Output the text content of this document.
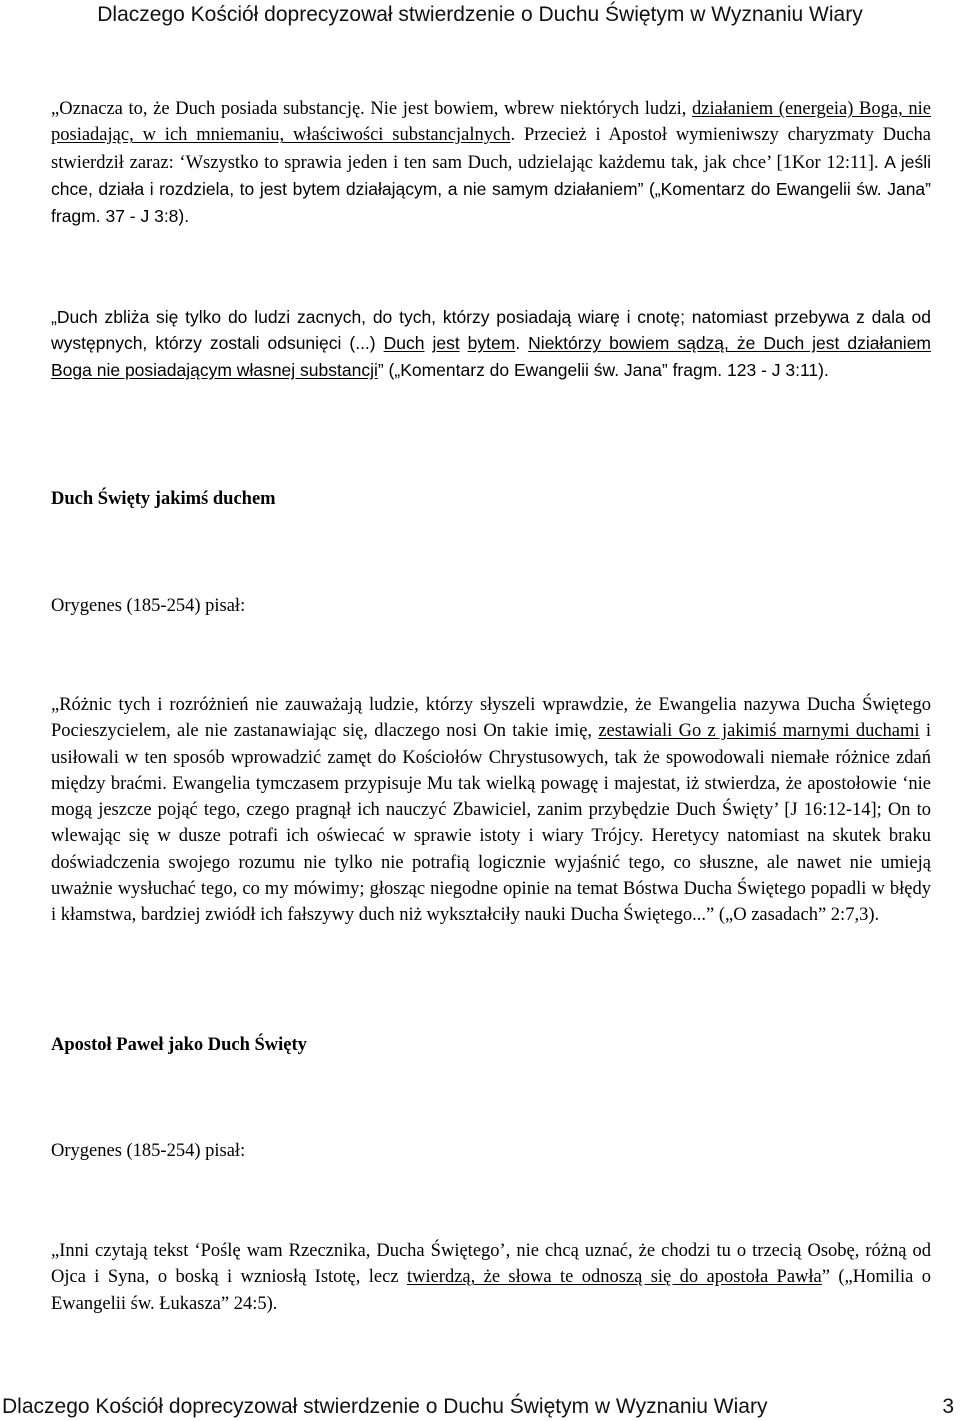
Dlaczego Kościół doprecyzował stwierdzenie o Duchu Świętym w Wyznaniu Wiary

„Oznacza to, że Duch posiada substancję. Nie jest bowiem, wbrew niektórych ludzi, działaniem (energeia) Boga, nie posiadając, w ich mniemaniu, właściwości substancjalnych. Przecież i Apostoł wymieniwszy charyzmaty Ducha stwierdził zaraz: ‘Wszystko to sprawia jeden i ten sam Duch, udzielając każdemu tak, jak chce’ [1Kor 12:11]. A jeśli chce, działa i rozdziela, to jest bytem działającym, a nie samym działaniem” („Komentarz do Ewangelii św. Jana” fragm. 37 - J 3:8).

„Duch zbliża się tylko do ludzi zacnych, do tych, którzy posiadają wiarę i cnotę; natomiast przebywa z dala od występnych, którzy zostali odsunięci (...) Duch jest bytem. Niektórzy bowiem sądzą, że Duch jest działaniem Boga nie posiadającym własnej substancji” („Komentarz do Ewangelii św. Jana” fragm. 123 - J 3:11).

Duch Święty jakimś duchem
Orygenes (185-254) pisał:

„Różnic tych i rozróżnień nie zauważają ludzie, którzy słyszeli wprawdzie, że Ewangelia nazywa Ducha Świętego Pocieszycielem, ale nie zastanawiając się, dlaczego nosi On takie imię, zestawiali Go z jakimiś marnymi duchami i usiłowali w ten sposób wprowadzić zamęt do Kościołów Chrystusowych, tak że spowodowali niemałe różnice zdań między braćmi. Ewangelia tymczasem przypisuje Mu tak wielką powagę i majestat, iż stwierdza, że apostołowie ‘nie mogą jeszcze pojąć tego, czego pragnął ich nauczyć Zbawiciel, zanim przybędzie Duch Święty’ [J 16:12-14]; On to wlewając się w dusze potrafi ich oświecać w sprawie istoty i wiary Trójcy. Heretycy natomiast na skutek braku doświadczenia swojego rozumu nie tylko nie potrafią logicznie wyjaśnić tego, co słuszne, ale nawet nie umieją uważnie wysłuchać tego, co my mówimy; głosząc niegodne opinie na temat Bóstwa Ducha Świętego popadli w błędy i kłamstwa, bardziej zwiódł ich fałszywy duch niż wykształciły nauki Ducha Świętego...” („O zasadach” 2:7,3).

Apostoł Paweł jako Duch Święty
Orygenes (185-254) pisał:

„Inni czytają tekst ‘Poślę wam Rzecznika, Ducha Świętego’, nie chcą uznać, że chodzi tu o trzecią Osobę, różną od Ojca i Syna, o boską i wzniosłą Istotę, lecz twierdzą, że słowa te odnoszą się do apostoła Pawła” („Homilia o Ewangelii św. Łukasza” 24:5).

Dlaczego Kościół doprecyzował stwierdzenie o Duchu Świętym w Wyznaniu Wiary	3
